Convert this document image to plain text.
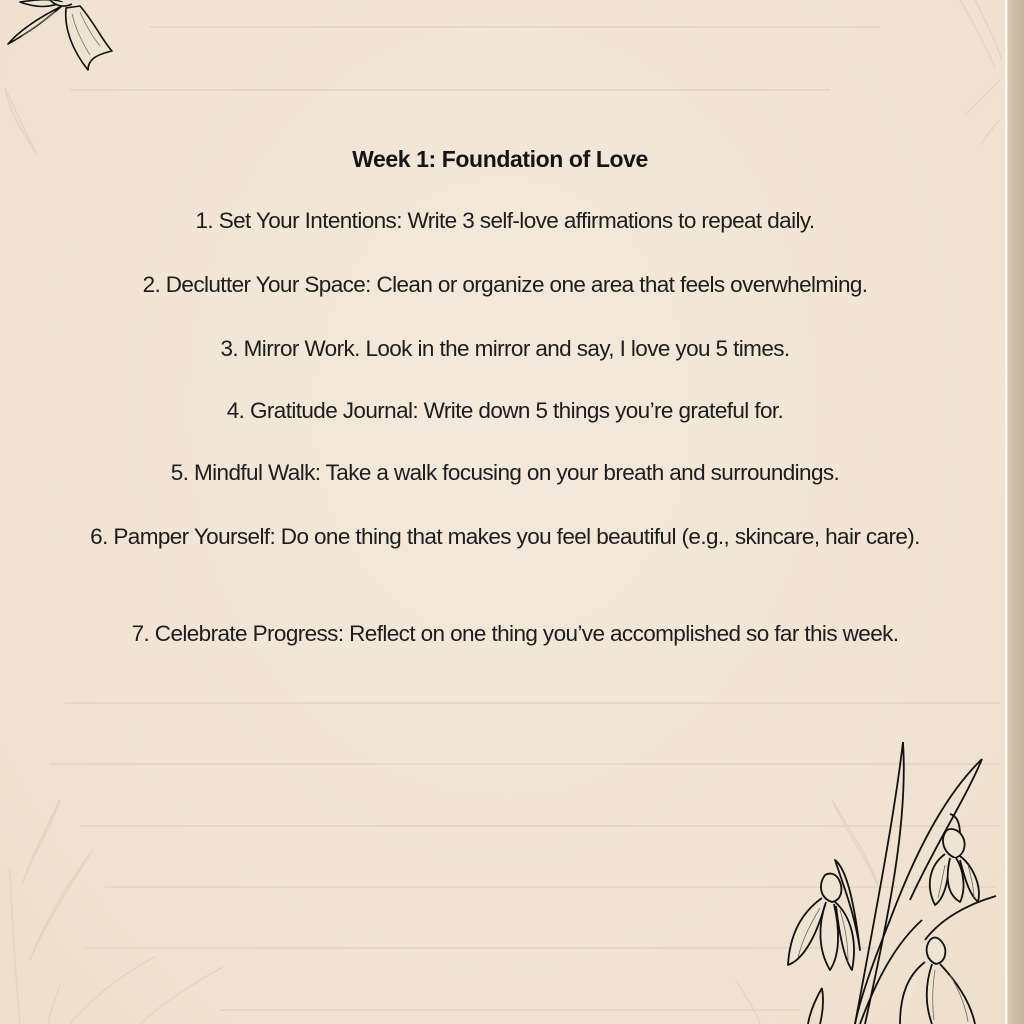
Week 1: Foundation of Love
1. Set Your Intentions: Write 3 self-love affirmations to repeat daily.
2. Declutter Your Space: Clean or organize one area that feels overwhelming.
3. Mirror Work. Look in the mirror and say, I love you 5 times.
4. Gratitude Journal: Write down 5 things you’re grateful for.
5. Mindful Walk: Take a walk focusing on your breath and surroundings.
6. Pamper Yourself: Do one thing that makes you feel beautiful (e.g., skincare, hair care).
7. Celebrate Progress: Reflect on one thing you’ve accomplished so far this week.
